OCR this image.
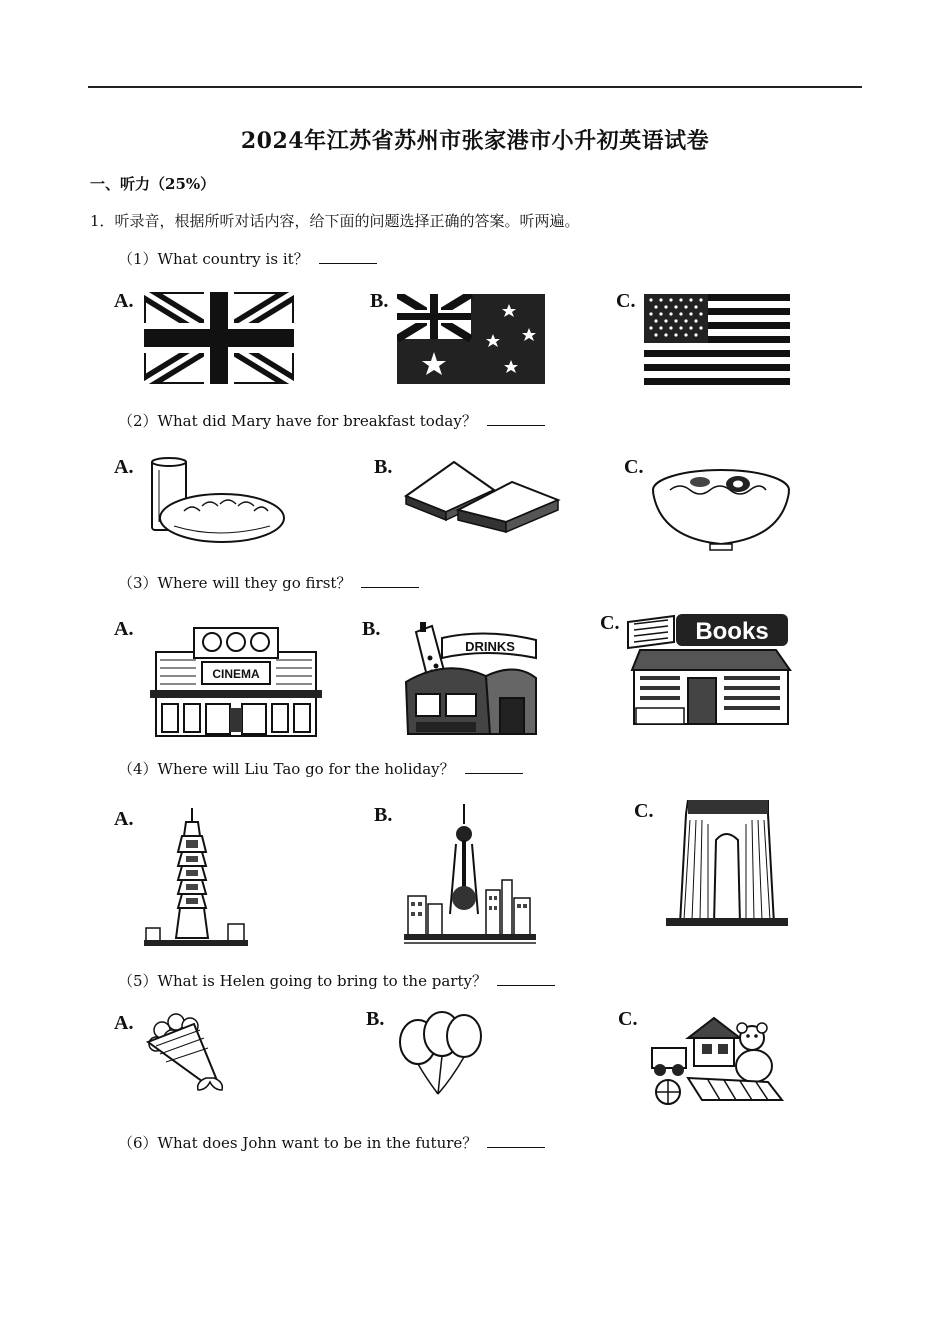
2024年江苏省苏州市张家港市小升初英语试卷
一、听力（25%）
1．听录音，根据所听对话内容，给下面的问题选择正确的答案。听两遍。
（1）What country is it？
A.	B.	C.
（2）What did Mary have for breakfast today？
A.	B.	C.
（3）Where will they go first？
A.
CINEMA
B.
DRINKS
C.	Books
（4）Where will Liu Tao go for the holiday？
A.	B.	C.
（5）What is Helen going to bring to the party？
A.	B.	C.
（6）What does John want to be in the future？
